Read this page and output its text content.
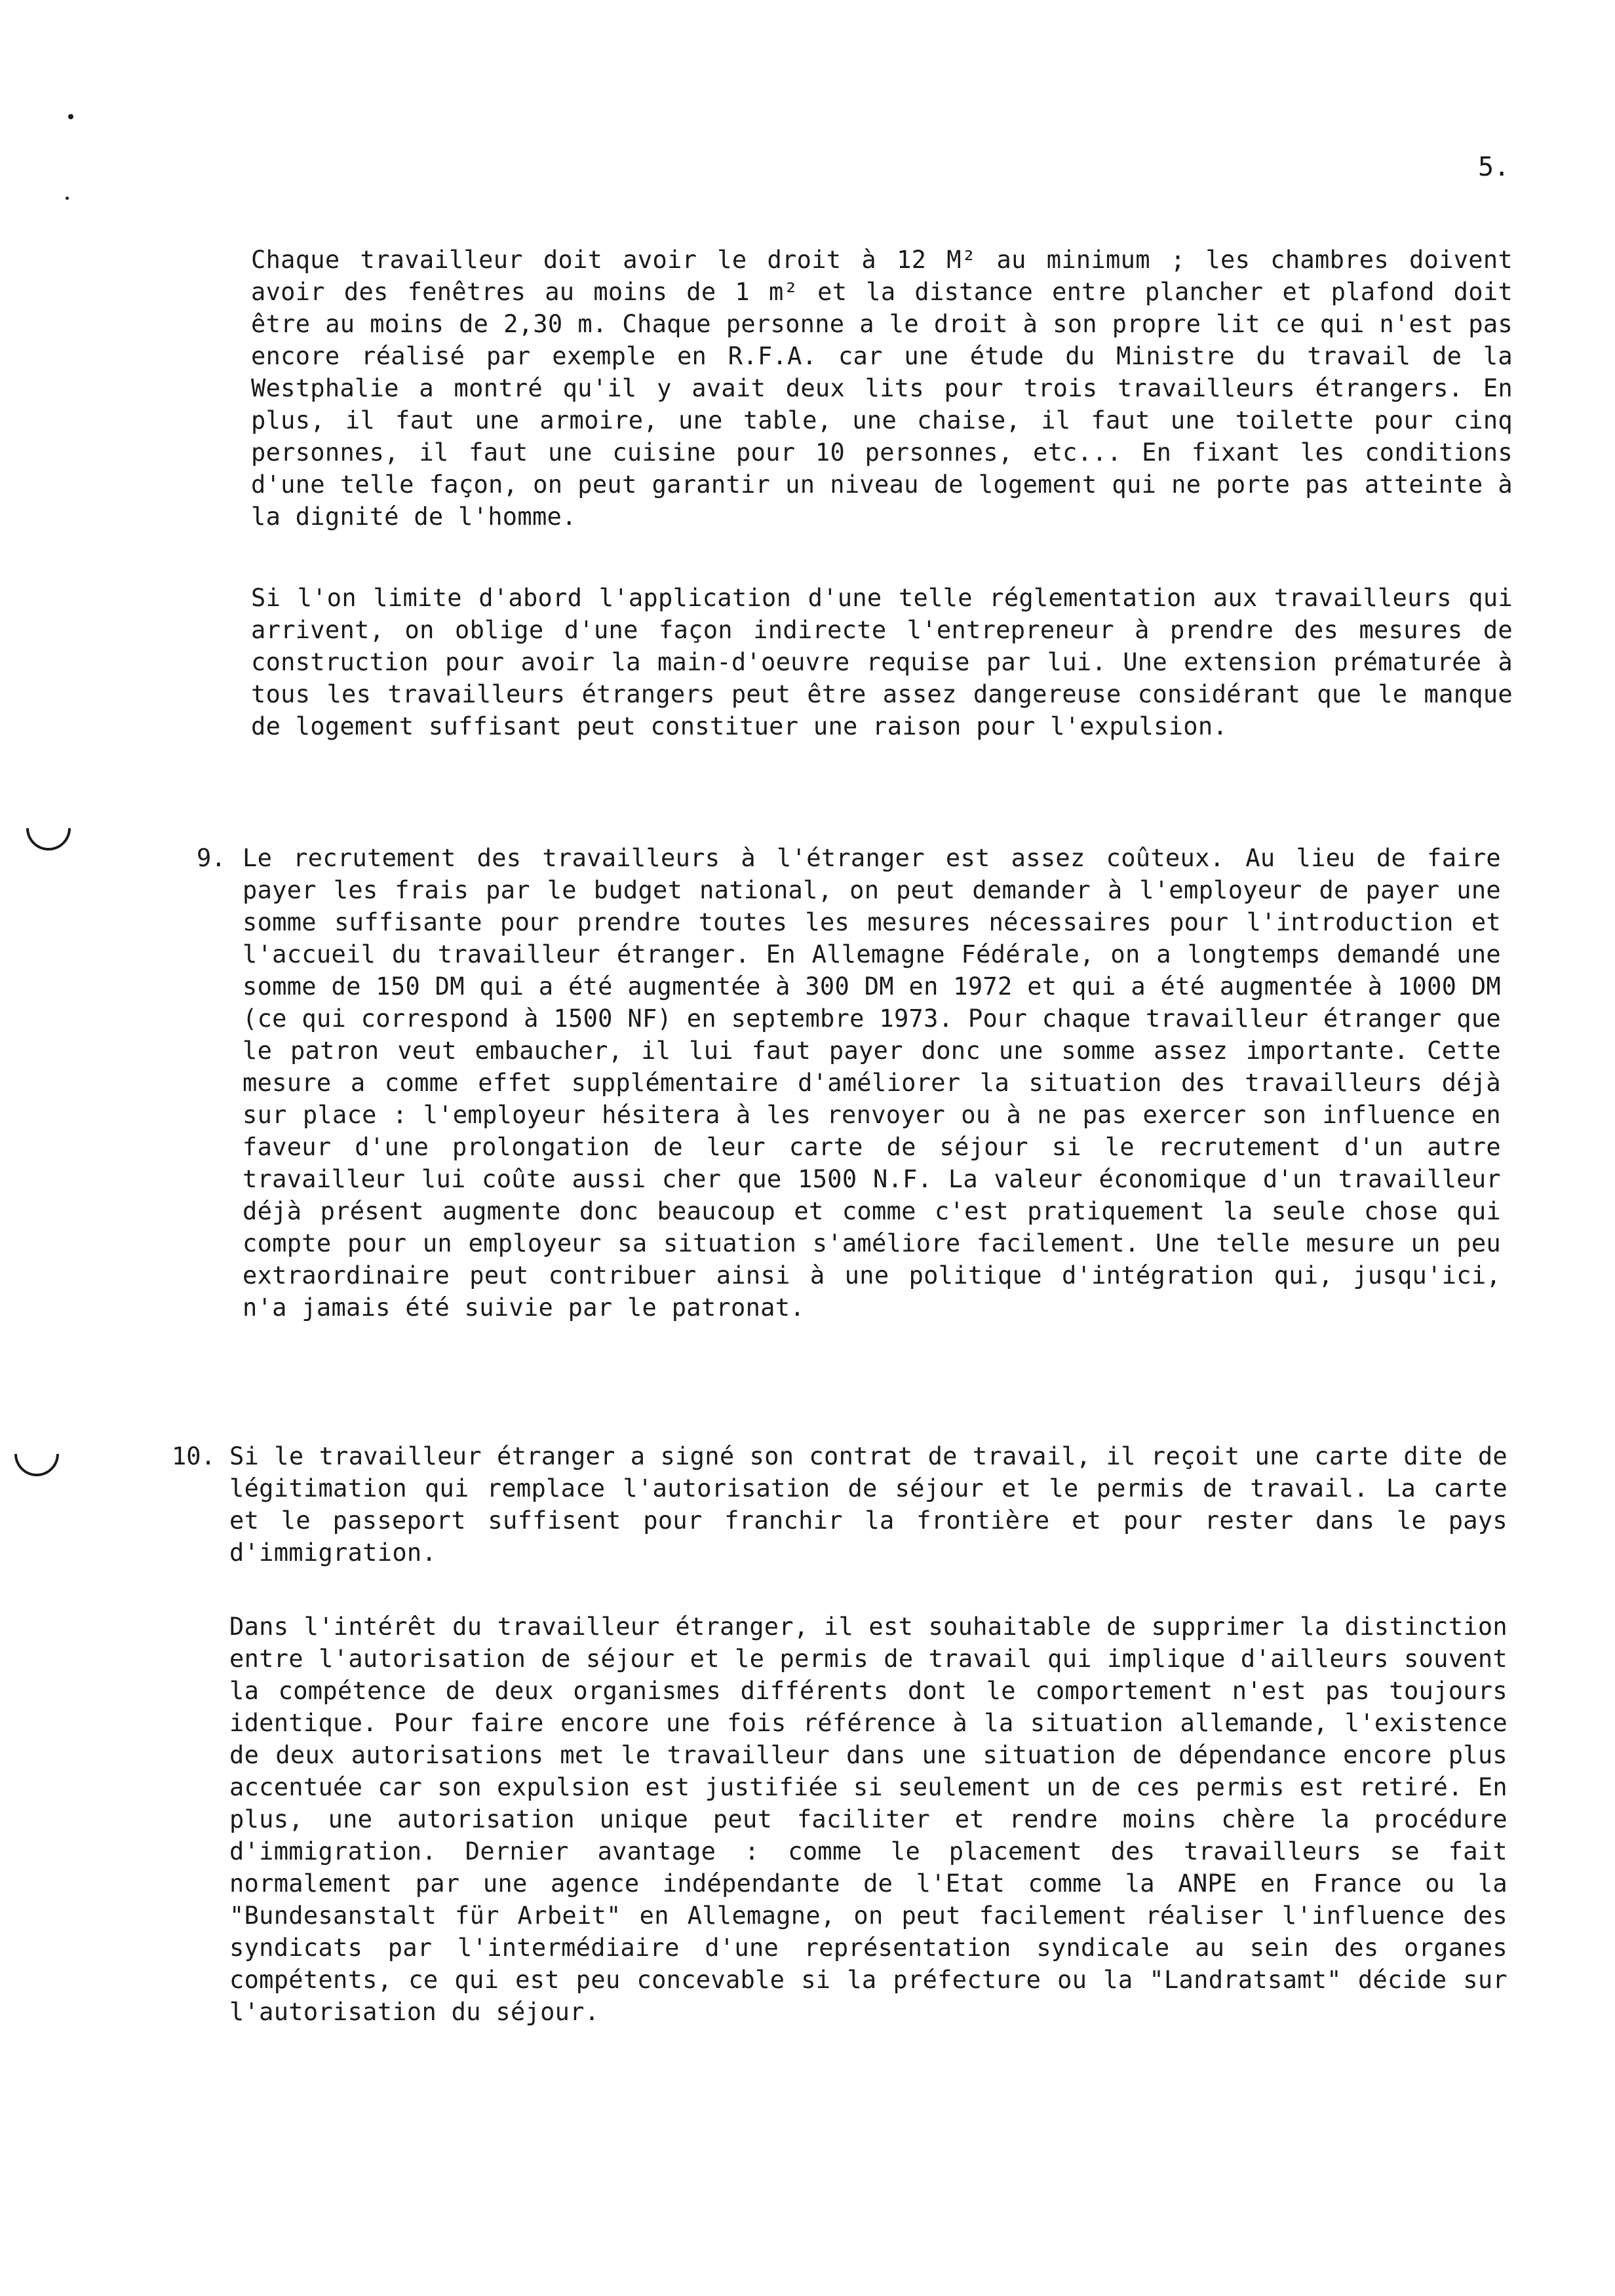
5.
Chaque travailleur doit avoir le droit à 12 M² au minimum ; les chambres doivent avoir des fenêtres au moins de 1 m² et la distance entre plancher et plafond doit être au moins de 2,30 m. Chaque personne a le droit à son propre lit ce qui n'est pas encore réalisé par exemple en R.F.A. car une étude du Ministre du travail de la Westphalie a montré qu'il y avait deux lits pour trois travailleurs étrangers. En plus, il faut une armoire, une table, une chaise, il faut une toilette pour cinq personnes, il faut une cuisine pour 10 personnes, etc... En fixant les conditions d'une telle façon, on peut garantir un niveau de logement qui ne porte pas atteinte à la dignité de l'homme.
Si l'on limite d'abord l'application d'une telle réglementation aux travailleurs qui arrivent, on oblige d'une façon indirecte l'entrepreneur à prendre des mesures de construction pour avoir la main-d'oeuvre requise par lui. Une extension prématurée à tous les travailleurs étrangers peut être assez dangereuse considérant que le manque de logement suffisant peut constituer une raison pour l'expulsion.
9. Le recrutement des travailleurs à l'étranger est assez coûteux. Au lieu de faire payer les frais par le budget national, on peut demander à l'employeur de payer une somme suffisante pour prendre toutes les mesures nécessaires pour l'introduction et l'accueil du travailleur étranger. En Allemagne Fédérale, on a longtemps demandé une somme de 150 DM qui a été augmentée à 300 DM en 1972 et qui a été augmentée à 1000 DM (ce qui correspond à 1500 NF) en septembre 1973. Pour chaque travailleur étranger que le patron veut embaucher, il lui faut payer donc une somme assez importante. Cette mesure a comme effet supplémentaire d'améliorer la situation des travailleurs déjà sur place : l'employeur hésitera à les renvoyer ou à ne pas exercer son influence en faveur d'une prolongation de leur carte de séjour si le recrutement d'un autre travailleur lui coûte aussi cher que 1500 N.F. La valeur économique d'un travailleur déjà présent augmente donc beaucoup et comme c'est pratiquement la seule chose qui compte pour un employeur sa situation s'améliore facilement. Une telle mesure un peu extraordinaire peut contribuer ainsi à une politique d'intégration qui, jusqu'ici, n'a jamais été suivie par le patronat.
10. Si le travailleur étranger a signé son contrat de travail, il reçoit une carte dite de légitimation qui remplace l'autorisation de séjour et le permis de travail. La carte et le passeport suffisent pour franchir la frontière et pour rester dans le pays d'immigration.
Dans l'intérêt du travailleur étranger, il est souhaitable de supprimer la distinction entre l'autorisation de séjour et le permis de travail qui implique d'ailleurs souvent la compétence de deux organismes différents dont le comportement n'est pas toujours identique. Pour faire encore une fois référence à la situation allemande, l'existence de deux autorisations met le travailleur dans une situation de dépendance encore plus accentuée car son expulsion est justifiée si seulement un de ces permis est retiré. En plus, une autorisation unique peut faciliter et rendre moins chère la procédure d'immigration. Dernier avantage : comme le placement des travailleurs se fait normalement par une agence indépendante de l'Etat comme la ANPE en France ou la "Bundesanstalt für Arbeit" en Allemagne, on peut facilement réaliser l'influence des syndicats par l'intermédiaire d'une représentation syndicale au sein des organes compétents, ce qui est peu concevable si la préfecture ou la "Landratsamt" décide sur l'autorisation du séjour.
